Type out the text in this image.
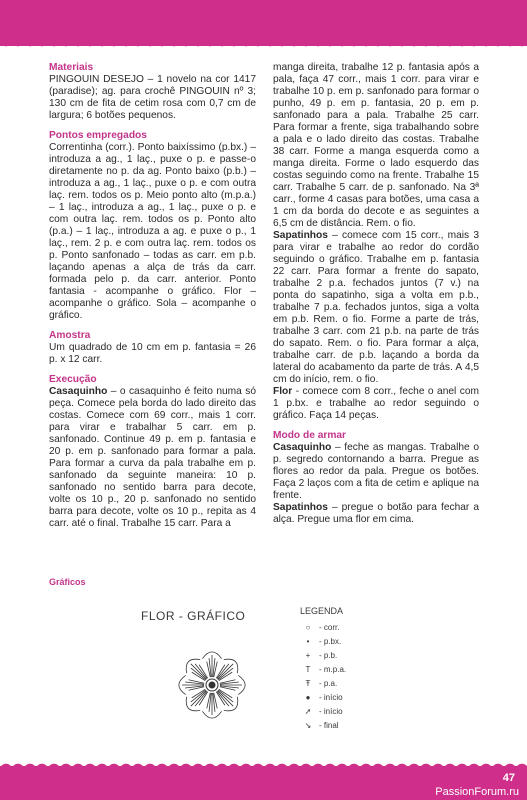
Materiais

PINGOUIN DESEJO – 1 novelo na cor 1417 (paradise); ag. para crochê PINGOUIN nº 3; 130 cm de fita de cetim rosa com 0,7 cm de largura; 6 botões pequenos.

Pontos empregados

Correntinha (corr.). Ponto baixíssimo (p.bx.) – introduza a ag., 1 laç., puxe o p. e passe-o diretamente no p. da ag. Ponto baixo (p.b.) – introduza a ag., 1 laç., puxe o p. e com outra laç. rem. todos os p. Meio ponto alto (m.p.a.) – 1 laç., introduza a ag., 1 laç., puxe o p. e com outra laç. rem. todos os p. Ponto alto (p.a.) – 1 laç., introduza a ag. e puxe o p., 1 laç., rem. 2 p. e com outra laç. rem. todos os p. Ponto sanfonado – todas as carr. em p.b. laçando apenas a alça de trás da carr. formada pelo p. da carr. anterior. Ponto fantasia - acompanhe o gráfico. Flor – acompanhe o gráfico. Sola – acompanhe o gráfico.

Amostra

Um quadrado de 10 cm em p. fantasia = 26 p. x 12 carr.

Execução

Casaquinho – o casaquinho é feito numa só peça. Comece pela borda do lado direito das costas. Comece com 69 corr., mais 1 corr. para virar e trabalhar 5 carr. em p. sanfonado. Continue 49 p. em p. fantasia e 20 p. em p. sanfonado para formar a pala. Para formar a curva da pala trabalhe em p. sanfonado da seguinte maneira: 10 p. sanfonado no sentido barra para decote, volte os 10 p., 20 p. sanfonado no sentido barra para decote, volte os 10 p., repita as 4 carr. até o final. Trabalhe 15 carr. Para a

manga direita, trabalhe 12 p. fantasia após a pala, faça 47 corr., mais 1 corr. para virar e trabalhe 10 p. em p. sanfonado para formar o punho, 49 p. em p. fantasia, 20 p. em p. sanfonado para a pala. Trabalhe 25 carr. Para formar a frente, siga trabalhando sobre a pala e o lado direito das costas. Trabalhe 38 carr. Forme a manga esquerda como a manga direita. Forme o lado esquerdo das costas seguindo como na frente. Trabalhe 15 carr. Trabalhe 5 carr. de p. sanfonado. Na 3ª carr., forme 4 casas para botões, uma casa a 1 cm da borda do decote e as seguintes a 6,5 cm de distância. Rem. o fio.

Sapatinhos – comece com 15 corr., mais 3 para virar e trabalhe ao redor do cordão seguindo o gráfico. Trabalhe em p. fantasia 22 carr. Para formar a frente do sapato, trabalhe 2 p.a. fechados juntos (7 v.) na ponta do sapatinho, siga a volta em p.b., trabalhe 7 p.a. fechados juntos, siga a volta em p.b. Rem. o fio. Forme a parte de trás, trabalhe 3 carr. com 21 p.b. na parte de trás do sapato. Rem. o fio. Para formar a alça, trabalhe carr. de p.b. laçando a borda da lateral do acabamento da parte de trás. A 4,5 cm do início, rem. o fio.

Flor - comece com 8 corr., feche o anel com 1 p.bx. e trabalhe ao redor seguindo o gráfico. Faça 14 peças.

Modo de armar

Casaquinho – feche as mangas. Trabalhe o p. segredo contornando a barra. Pregue as flores ao redor da pala. Pregue os botões. Faça 2 laços com a fita de cetim e aplique na frente.

Sapatinhos – pregue o botão para fechar a alça. Pregue uma flor em cima.

Gráficos
FLOR - GRÁFICO	LEGENDA
○	- corr.
•	- p.bx.
+	- p.b.
T	- m.p.a.
Ŧ	- p.a.
●	- início
➚ - início
↘ - final
47
PassionForum.ru
